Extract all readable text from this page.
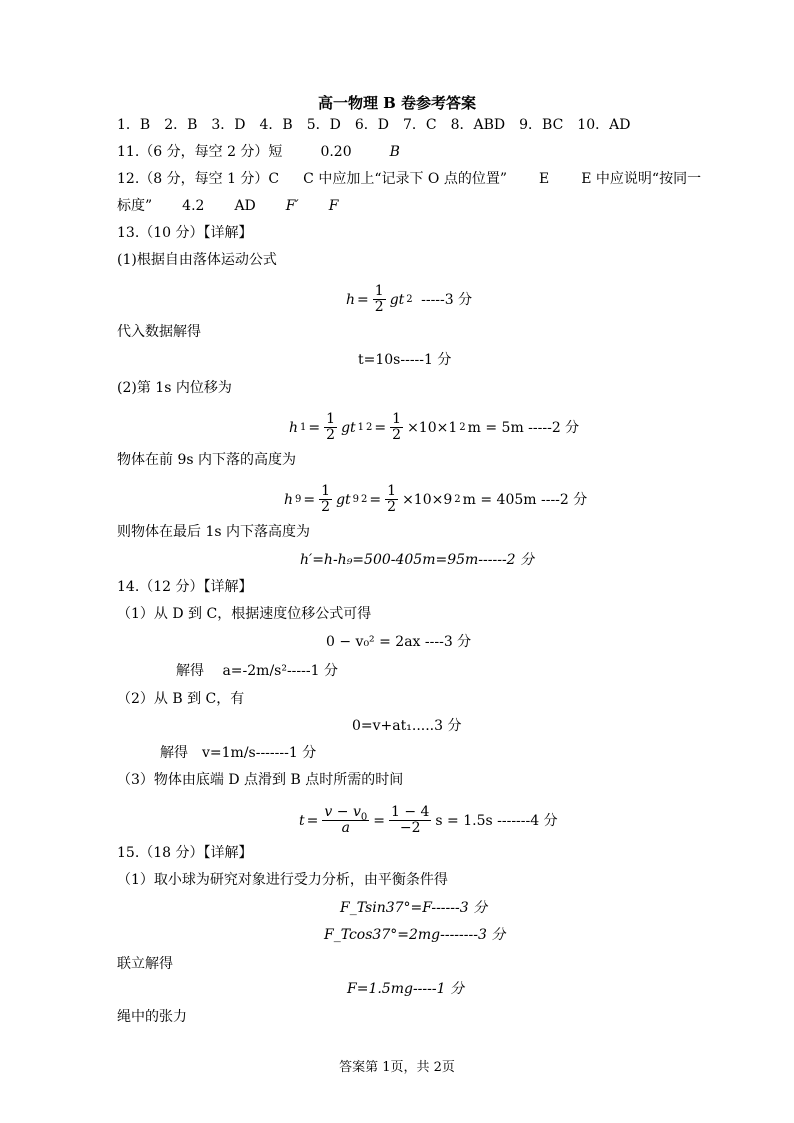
高一物理 B 卷参考答案
1．B　2．B　3．D　4．B　5．D　6．D　7．C　8．ABD　9．BC　10．AD
11.（6 分，每空 2 分）短	0.20	B
12.（8 分，每空 1 分）C C 中应加上“记录下 O 点的位置” E E 中应说明“按同一
标度” 4.2 AD F′ F
13.（10 分）【详解】
(1)根据自由落体运动公式
$h = \frac{1}{2}$ gt 2
-----3 分
代入数据解得
t=10s-----1 分
(2)第 1s 内位移为
h $1 = \frac{1}{2}$ gt 1 $2 = \frac{1}{2} \times 10\times 1$ 2 m = 5m -----2 分
物体在前 9s 内下落的高度为
h $9 = \frac{1}{2}$ gt 9 $2 = \frac{1}{2} \times 10\times 9$ 2 m = 405m ----2 分
则物体在最后 1s 内下落高度为
h′=h-h₉=500-405m=95m------2 分
14.（12 分）【详解】
（1）从 D 到 C，根据速度位移公式可得
0 − v₀² = 2ax ----3 分
解得　 a=-2m/s²-----1 分
（2）从 B 到 C，有
0=v+at₁.....3 分
解得　v=1m/s-------1 分
（3）物体由底端 D 点滑到 B 点时所需的时间
$t = \frac{v - v_0}{a} = \frac{1 - 4}{-2}$ s = 1.5s -------4 分
15.（18 分）【详解】
（1）取小球为研究对象进行受力分析，由平衡条件得
F_Tsin37°=F------3 分
F_Tcos37°=2mg--------3 分
联立解得
F=1.5mg-----1 分
绳中的张力
答案第 1页，共 2页
